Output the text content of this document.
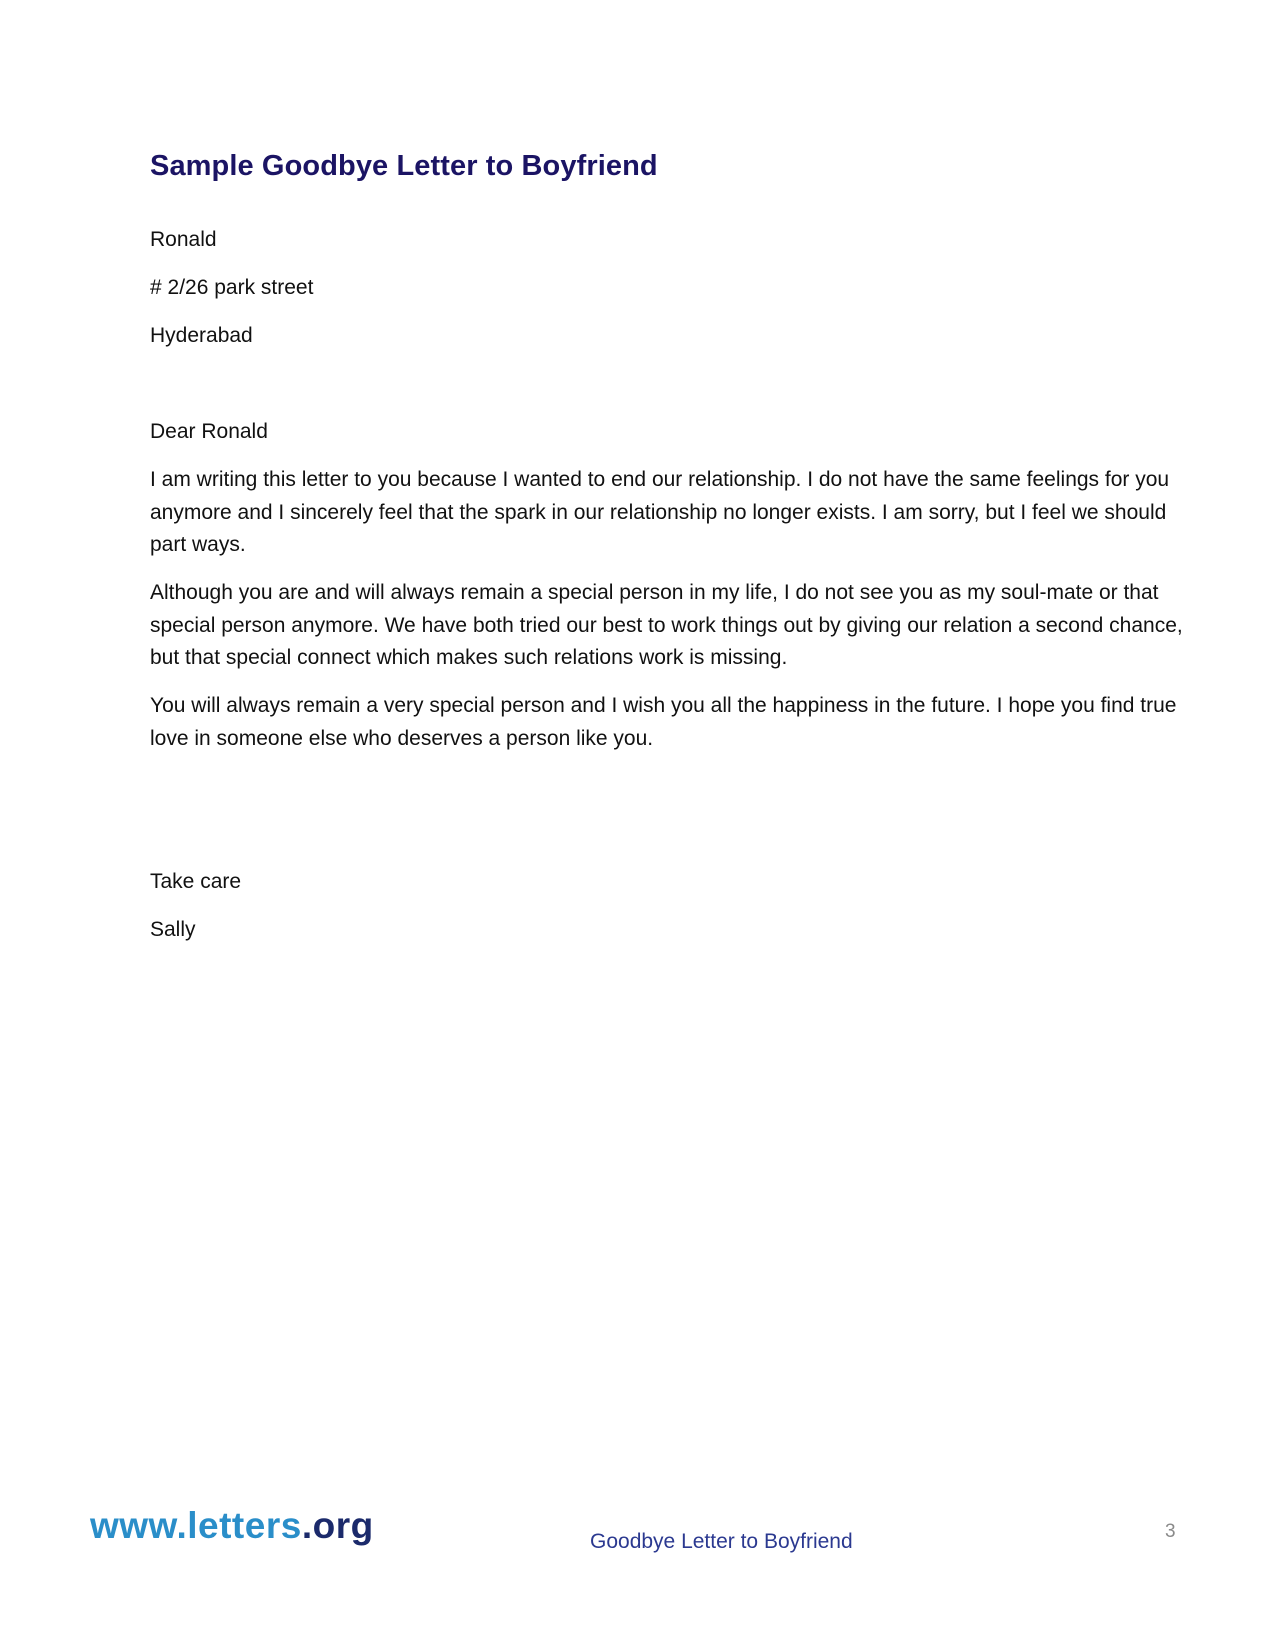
Sample Goodbye Letter to Boyfriend

Ronald

# 2/26 park street

Hyderabad

Dear Ronald

I am writing this letter to you because I wanted to end our relationship. I do not have the same feelings for you anymore and I sincerely feel that the spark in our relationship no longer exists. I am sorry, but I feel we should part ways.

Although you are and will always remain a special person in my life, I do not see you as my soul-mate or that special person anymore. We have both tried our best to work things out by giving our relation a second chance, but that special connect which makes such relations work is missing.

You will always remain a very special person and I wish you all the happiness in the future. I hope you find true love in someone else who deserves a person like you.

Take care

Sally

www.letters.org	Goodbye Letter to Boyfriend	3
